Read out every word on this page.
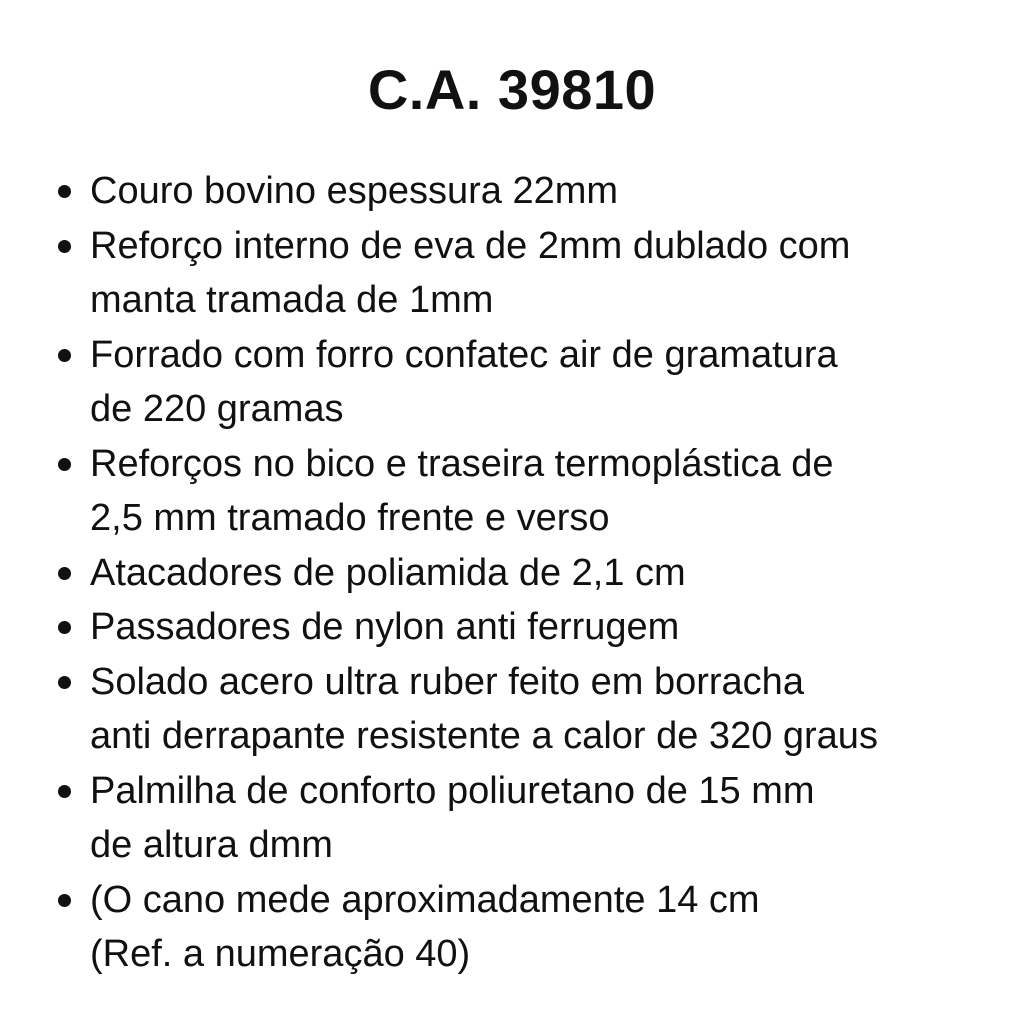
C.A. 39810
Couro bovino espessura 22mm
Reforço interno de eva de 2mm dublado com
manta tramada de 1mm
Forrado com forro confatec air de gramatura
de 220 gramas
Reforços no bico e traseira termoplástica de
2,5 mm tramado frente e verso
Atacadores de poliamida de 2,1 cm
Passadores de nylon anti ferrugem
Solado acero ultra ruber feito em borracha
anti derrapante resistente a calor de 320 graus
Palmilha de conforto poliuretano de 15 mm
de altura dmm
(O cano mede aproximadamente 14 cm
(Ref. a numeração 40)
